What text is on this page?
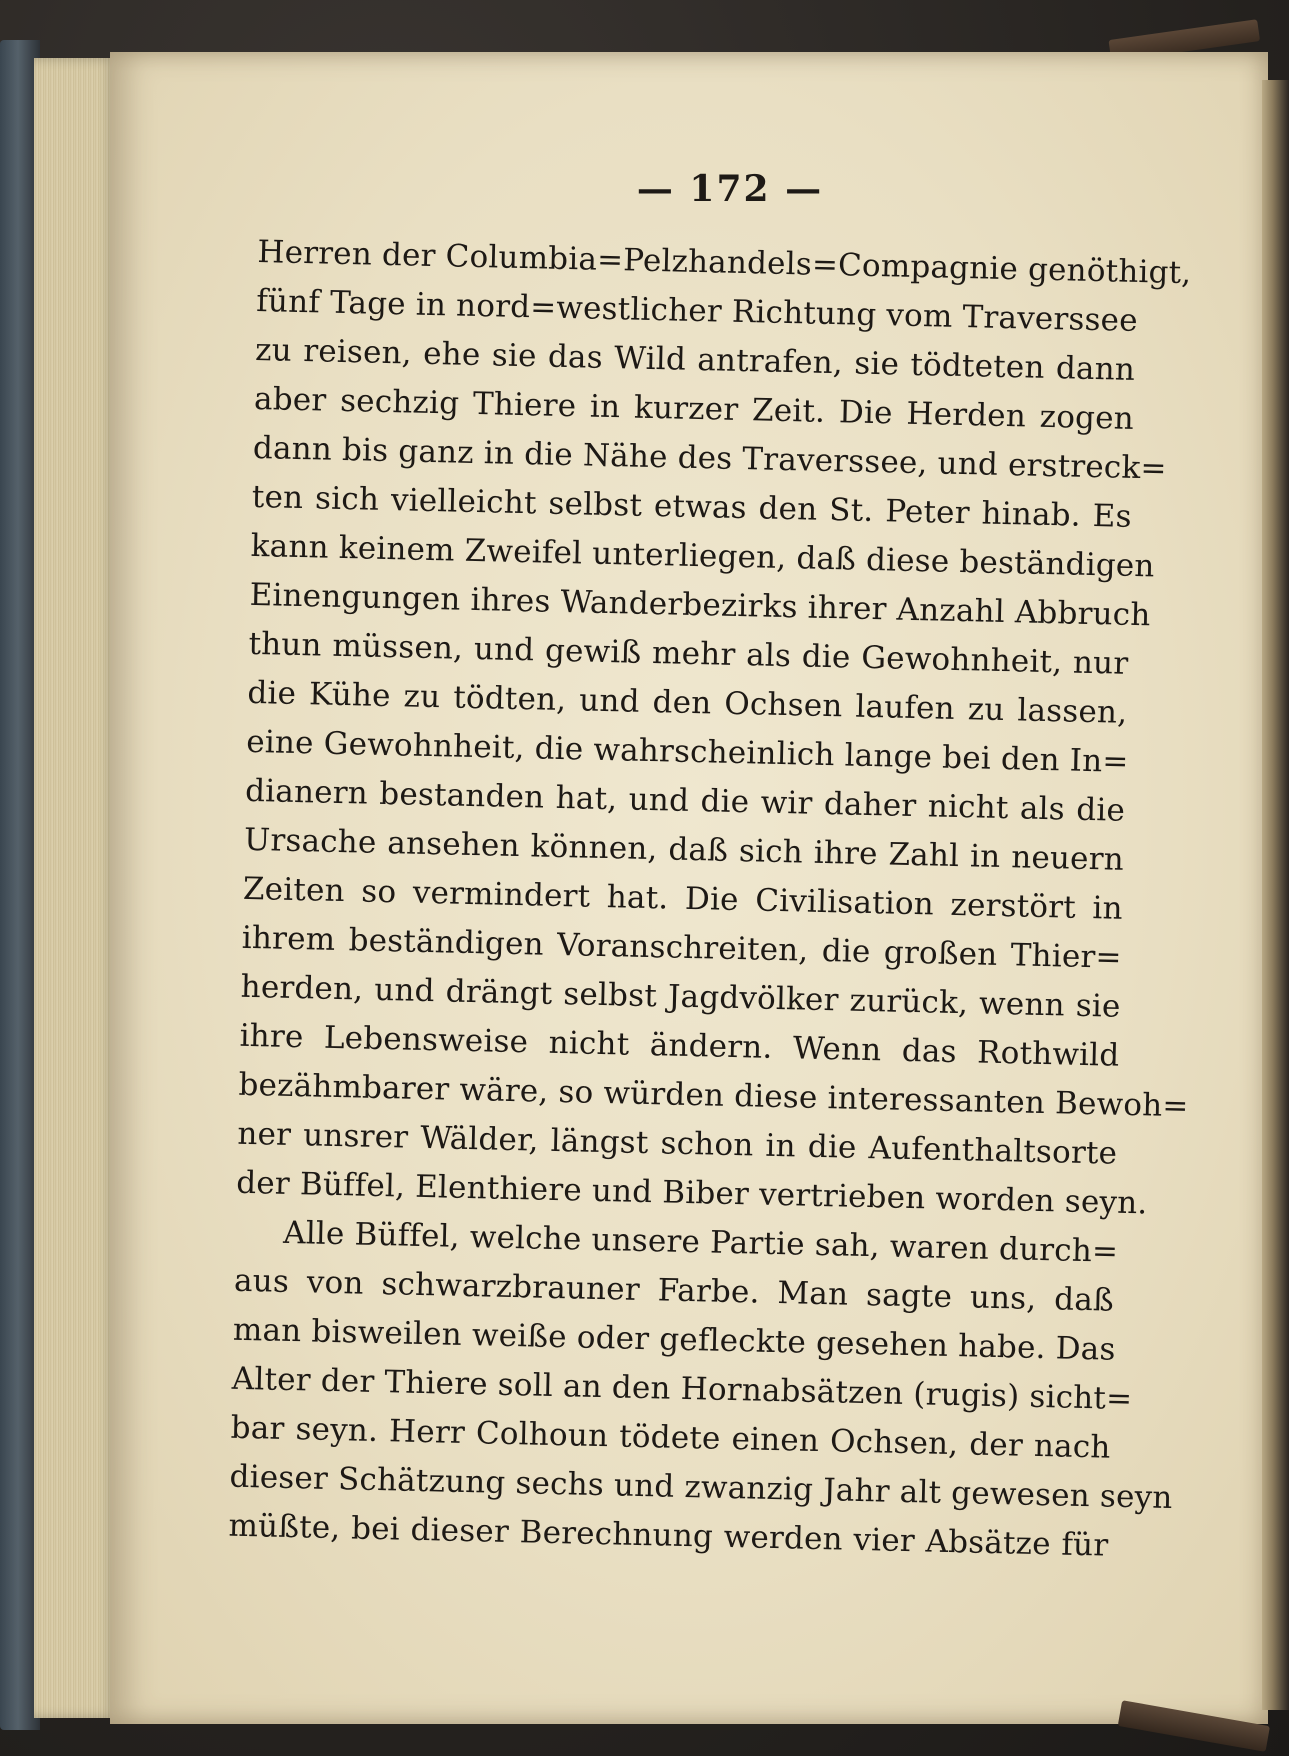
— 172 —
Herren der Columbia=Pelzhandels=Compagnie genöthigt,
fünf Tage in nord=westlicher Richtung vom Traverssee
zu reisen, ehe sie das Wild antrafen, sie tödteten dann
aber sechzig Thiere in kurzer Zeit. Die Herden zogen
dann bis ganz in die Nähe des Traverssee, und erstreck=
ten sich vielleicht selbst etwas den St. Peter hinab. Es
kann keinem Zweifel unterliegen, daß diese beständigen
Einengungen ihres Wanderbezirks ihrer Anzahl Abbruch
thun müssen, und gewiß mehr als die Gewohnheit, nur
die Kühe zu tödten, und den Ochsen laufen zu lassen,
eine Gewohnheit, die wahrscheinlich lange bei den In=
dianern bestanden hat, und die wir daher nicht als die
Ursache ansehen können, daß sich ihre Zahl in neuern
Zeiten so vermindert hat. Die Civilisation zerstört in
ihrem beständigen Voranschreiten, die großen Thier=
herden, und drängt selbst Jagdvölker zurück, wenn sie
ihre Lebensweise nicht ändern. Wenn das Rothwild
bezähmbarer wäre, so würden diese interessanten Bewoh=
ner unsrer Wälder, längst schon in die Aufenthaltsorte
der Büffel, Elenthiere und Biber vertrieben worden seyn.
Alle Büffel, welche unsere Partie sah, waren durch=
aus von schwarzbrauner Farbe. Man sagte uns, daß
man bisweilen weiße oder gefleckte gesehen habe. Das
Alter der Thiere soll an den Hornabsätzen (rugis) sicht=
bar seyn. Herr Colhoun tödete einen Ochsen, der nach
dieser Schätzung sechs und zwanzig Jahr alt gewesen seyn
müßte, bei dieser Berechnung werden vier Absätze für
